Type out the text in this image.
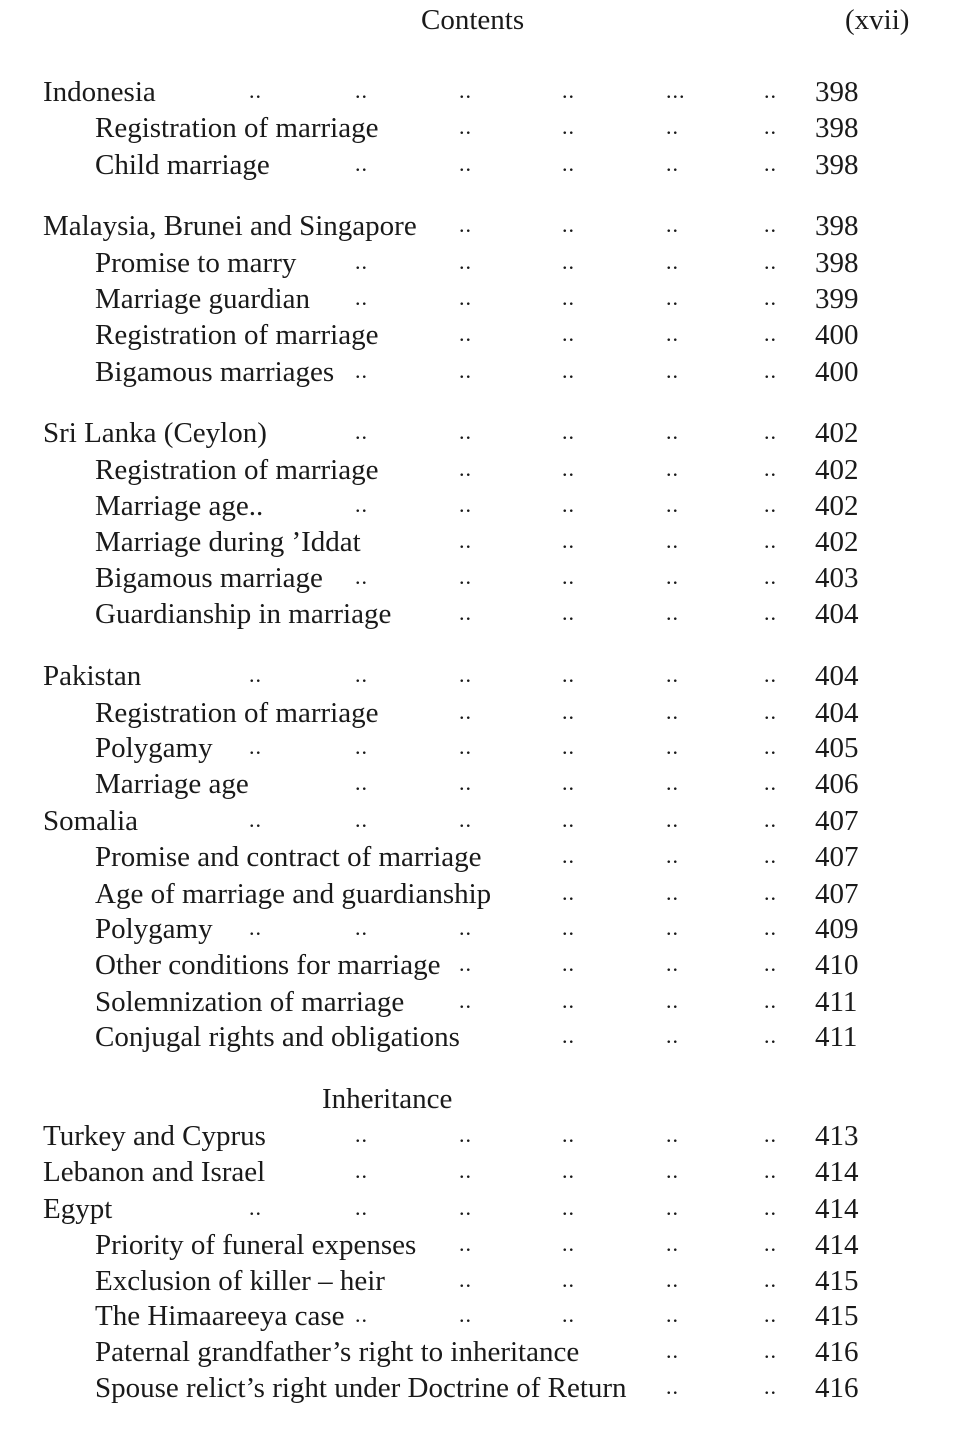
Contents	(xvii)
Indonesia	398
..	..	..	..	...	..
Registration of marriage	398
..	..	..	..
Child marriage	398
..	..	..	..	..
Malaysia, Brunei and Singapore	398
..	..	..	..
Promise to marry	398
..	..	..	..	..
Marriage guardian	399
..	..	..	..	..
Registration of marriage	400
..	..	..	..
Bigamous marriages	400
..	..	..	..	..
Sri Lanka (Ceylon)	402
..	..	..	..	..
Registration of marriage	402
..	..	..	..
Marriage age..	402
..	..	..	..	..
Marriage during ’Iddat	402
..	..	..	..
Bigamous marriage	403
..	..	..	..	..
Guardianship in marriage	404
..	..	..	..
Pakistan	404
..	..	..	..	..	..
Registration of marriage	404
..	..	..	..
Polygamy	405
..	..	..	..	..	..
Marriage age	406
..	..	..	..	..
Somalia	407
..	..	..	..	..	..
Promise and contract of marriage	407
..	..	..
Age of marriage and guardianship	407
..	..	..
Polygamy	409
..	..	..	..	..	..
Other conditions for marriage	410
..	..	..	..
Solemnization of marriage	411
..	..	..	..
Conjugal rights and obligations	411
..	..	..
Inheritance
Turkey and Cyprus	413
..	..	..	..	..
Lebanon and Israel	414
..	..	..	..	..
Egypt	414
..	..	..	..	..	..
Priority of funeral expenses	414
..	..	..	..
Exclusion of killer – heir	415
..	..	..	..
The Himaareeya case	415
..	..	..	..	..
Paternal grandfather’s right to inheritance	416
..	..
Spouse relict’s right under Doctrine of Return	416
..	..
